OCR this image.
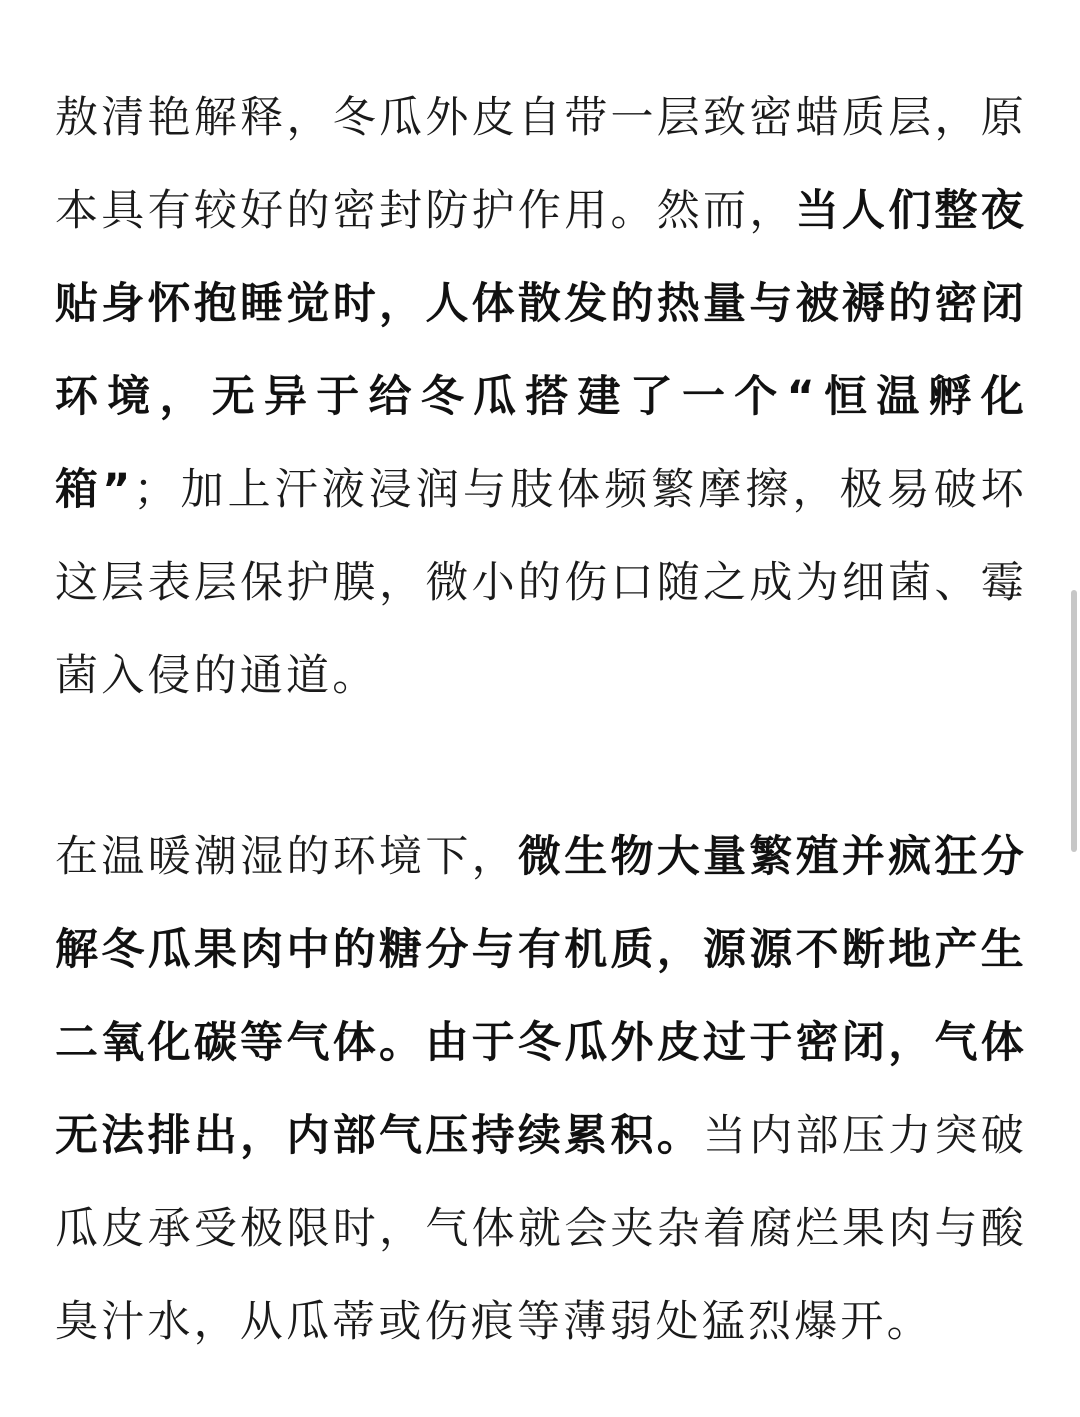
敖清艳解释，冬瓜外皮自带一层致密蜡质层，原本具有较好的密封防护作用。然而，当人们整夜贴身怀抱睡觉时，人体散发的热量与被褥的密闭环境，无异于给冬瓜搭建了一个“恒温孵化箱”；加上汗液浸润与肢体频繁摩擦，极易破坏这层表层保护膜，微小的伤口随之成为细菌、霉菌入侵的通道。

在温暖潮湿的环境下，微生物大量繁殖并疯狂分解冬瓜果肉中的糖分与有机质，源源不断地产生二氧化碳等气体。由于冬瓜外皮过于密闭，气体无法排出，内部气压持续累积。当内部压力突破瓜皮承受极限时，气体就会夹杂着腐烂果肉与酸臭汁水，从瓜蒂或伤痕等薄弱处猛烈爆开。
